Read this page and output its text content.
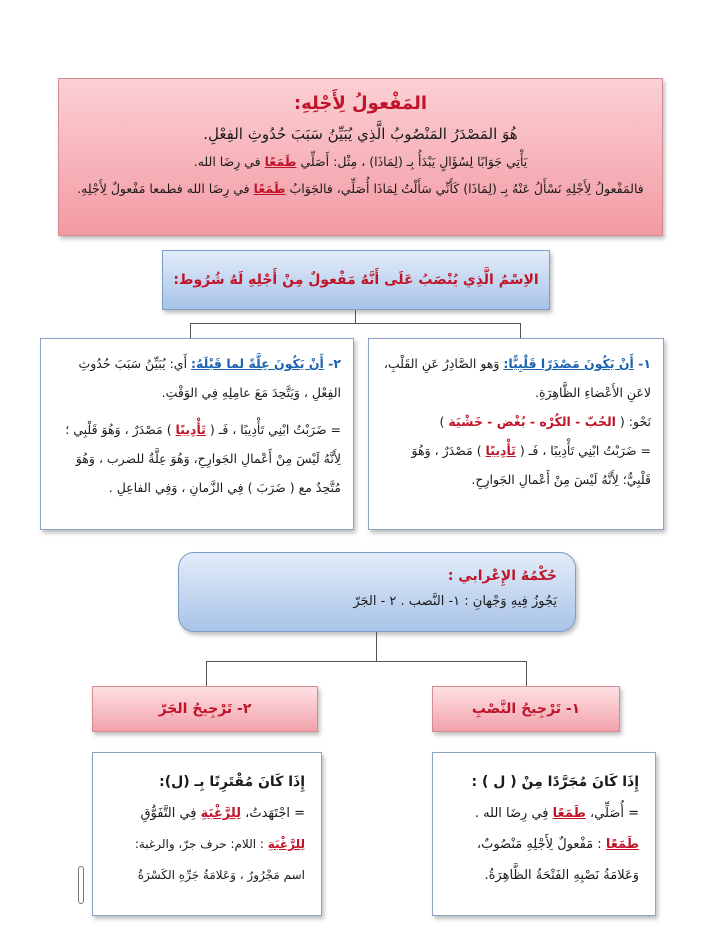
المَفْعولُ لِأَجْلِهِ:
هُوَ المَصْدَرُ المَنْصُوبُ الَّذِي يُبَيِّنُ سَبَبَ حُدُوثِ الفِعْلِ.
يَأْتِي جَوَابًا لِسُؤَالٍ يَبْدَأُ بِـ (لِمَاذَا) ، مِثْل: أَصَلِّي طَمَعًا في رِضَا الله.
فالمَفْعولُ لِأَجْلِهِ نَسْأَلُ عَنْهُ بِـ (لِمَاذَا) كَأَنِّي سَأَلْتُ لِمَاذَا أُصَلِّي، فالجَوَابُ طَمَعًا في رِضَا الله فطمعا مَفْعولٌ لِأَجْلِهِ.
الاِسْمُ الَّذِي يُنْصَبُ عَلَى أَنَّهُ مَفْعولٌ مِنْ أَجْلِهِ لَهُ شُرُوط:

١- أَنْ يَكُونَ مَصْدَرًا قَلْبِيًّا: وَهو الصَّادِرُ عَنِ القَلْبِ، لاعَنِ الأَعْضاءِ الظَّاهِرَةِ.

نَحْو: ( الحُبّ - الكُرْه - بُغْض - خَشْيَة )

= ضَرَبْتُ ابْنِي تَأْدِيبًا ، فَـ ( تَأْدِيبًا ) مَصْدَرٌ ، وَهُوَ قَلْبِيٌّ؛ لِأَنَّهُ لَيْسَ مِنْ أَعْمالِ الجَوارِحِ.

٢- أَنْ يَكُونَ عِلَّةً لما قَبْلَهُ: أَي: يُبَيِّنُ سَبَبَ حُدُوثِ الفِعْلِ ، وَيَتَّحِدَ مَعَ عامِلِهِ فِي الوَقْتِ.

= ضَرَبْتُ ابْنِي تَأْدِيبًا ، فَـ ( تَأْدِيبًا ) مَصْدَرٌ ، وَهُوَ قَلْبِي ؛ لِأَنَّهُ لَيْسَ مِنْ أَعْمالِ الجَوارِحِ، وَهُوَ عِلَّةٌ للضرب ، وَهُوَ مُتَّحِدٌ مع ( ضَرَبَ ) فِي الزَّمانِ ، وَفِي الفاعِلِ .

حُكْمُهُ الإِعْرابي :
يَجُوزُ فِيهِ وَجْهانِ : ١- النَّصب . ٢ - الجَرّ
١- تَرْجِيحُ النَّصْبِ
٢- تَرْجِيحُ الجَرّ

إِذَا كَانَ مُجَرَّدًا مِنْ ( ل ) :

= أُصَلِّي، طَمَعًا فِي رِضَا الله .

طَمَعًا : مَفْعولٌ لِأَجْلِهِ مَنْصُوبٌ،

وَعَلامَةُ نَصْبِهِ الفَتْحَةُ الظَّاهِرَةُ.

إِذَا كَانَ مُقْتَرِنًا بِـ (ل):

= اجْتَهَدتُ، لِلرَّغْبَةِ فِي التَّفَوُّقِ

لِلرَّغْبَةِ : اللام: حرف جرّ، والرغبة:

اسم مَجْرُورٌ ، وَعَلامَةُ جَرِّهِ الكَسْرَةُ
